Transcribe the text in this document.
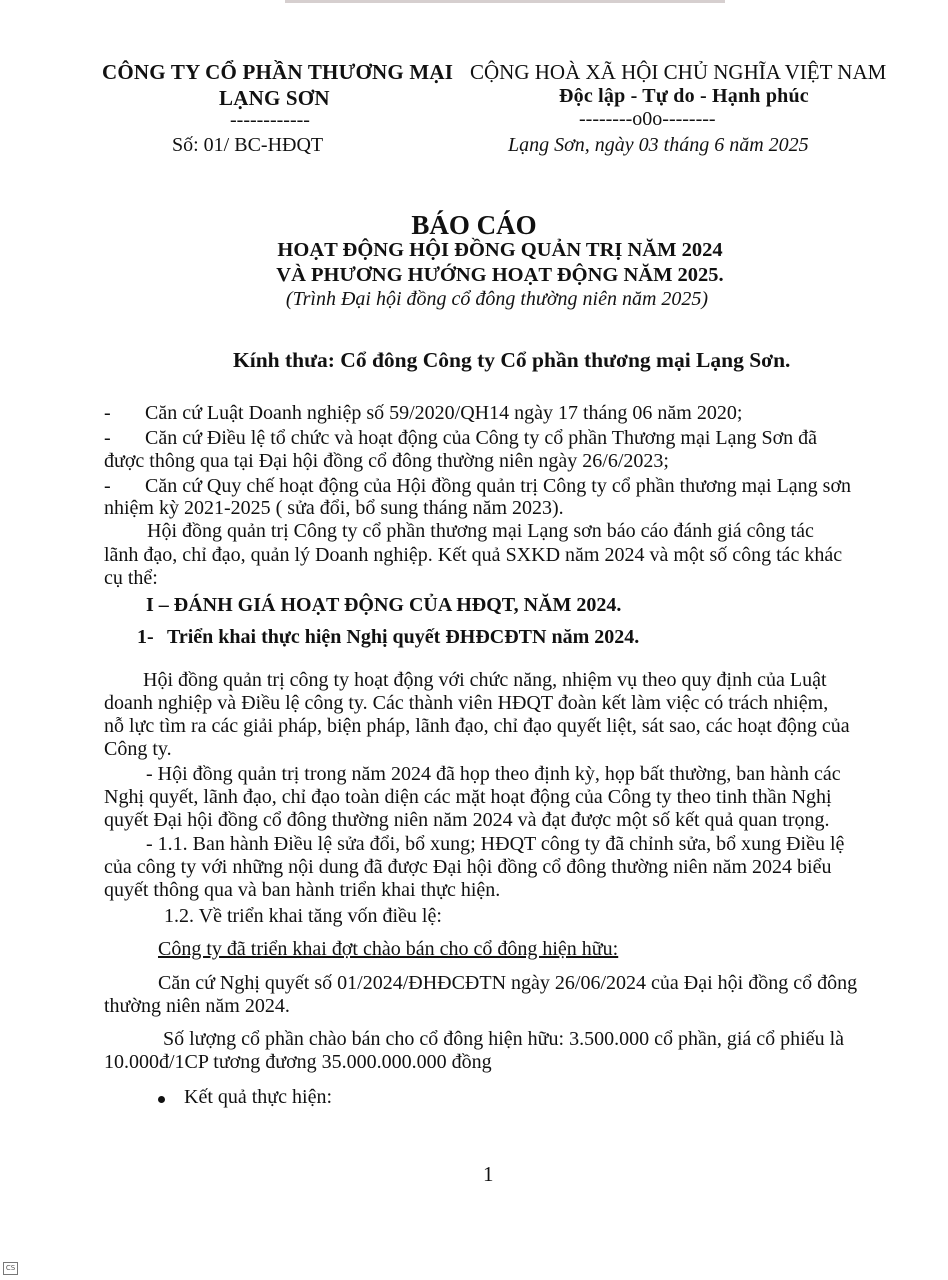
CÔNG TY CỔ PHẦN THƯƠNG MẠI
LẠNG SƠN
------------
Số: 01/ BC-HĐQT
CỘNG HOÀ XÃ HỘI CHỦ NGHĨA VIỆT NAM
Độc lập - Tự do - Hạnh phúc
--------o0o--------
Lạng Sơn, ngày 03 tháng 6 năm 2025
BÁO CÁO
HOẠT ĐỘNG HỘI ĐỒNG QUẢN TRỊ NĂM 2024
VÀ PHƯƠNG HƯỚNG HOẠT ĐỘNG NĂM 2025.
(Trình Đại hội đồng cổ đông thường niên năm 2025)
Kính thưa: Cổ đông Công ty Cổ phần thương mại Lạng Sơn.
- Căn cứ Luật Doanh nghiệp số 59/2020/QH14 ngày 17 tháng 06 năm 2020;
- Căn cứ Điều lệ tổ chức và hoạt động của Công ty cổ phần Thương mại Lạng Sơn đã
được thông qua tại Đại hội đồng cổ đông thường niên ngày 26/6/2023;
- Căn cứ Quy chế hoạt động của Hội đồng quản trị Công ty cổ phần thương mại Lạng sơn
nhiệm kỳ 2021-2025 ( sửa đổi, bổ sung tháng năm 2023).
Hội đồng quản trị Công ty cổ phần thương mại Lạng sơn báo cáo đánh giá công tác
lãnh đạo, chỉ đạo, quản lý Doanh nghiệp. Kết quả SXKD năm 2024 và một số công tác khác
cụ thể:
I – ĐÁNH GIÁ HOẠT ĐỘNG CỦA HĐQT, NĂM 2024.
1- Triển khai thực hiện Nghị quyết ĐHĐCĐTN năm 2024.
Hội đồng quản trị công ty hoạt động với chức năng, nhiệm vụ theo quy định của Luật
doanh nghiệp và Điều lệ công ty. Các thành viên HĐQT đoàn kết làm việc có trách nhiệm,
nỗ lực tìm ra các giải pháp, biện pháp, lãnh đạo, chỉ đạo quyết liệt, sát sao, các hoạt động của
Công ty.
- Hội đồng quản trị trong năm 2024 đã họp theo định kỳ, họp bất thường, ban hành các
Nghị quyết, lãnh đạo, chỉ đạo toàn diện các mặt hoạt động của Công ty theo tinh thần Nghị
quyết Đại hội đồng cổ đông thường niên năm 2024 và đạt được một số kết quả quan trọng.
- 1.1. Ban hành Điều lệ sửa đổi, bổ xung; HĐQT công ty đã chỉnh sửa, bổ xung Điều lệ
của công ty với những nội dung đã được Đại hội đồng cổ đông thường niên năm 2024 biểu
quyết thông qua và ban hành triển khai thực hiện.
1.2. Về triển khai tăng vốn điều lệ:
Công ty đã triển khai đợt chào bán cho cổ đông hiện hữu:
Căn cứ Nghị quyết số 01/2024/ĐHĐCĐTN ngày 26/06/2024 của Đại hội đồng cổ đông
thường niên năm 2024.
Số lượng cổ phần chào bán cho cổ đông hiện hữu: 3.500.000 cổ phần, giá cổ phiếu là
10.000đ/1CP tương đương 35.000.000.000 đồng
Kết quả thực hiện:
1
CS
